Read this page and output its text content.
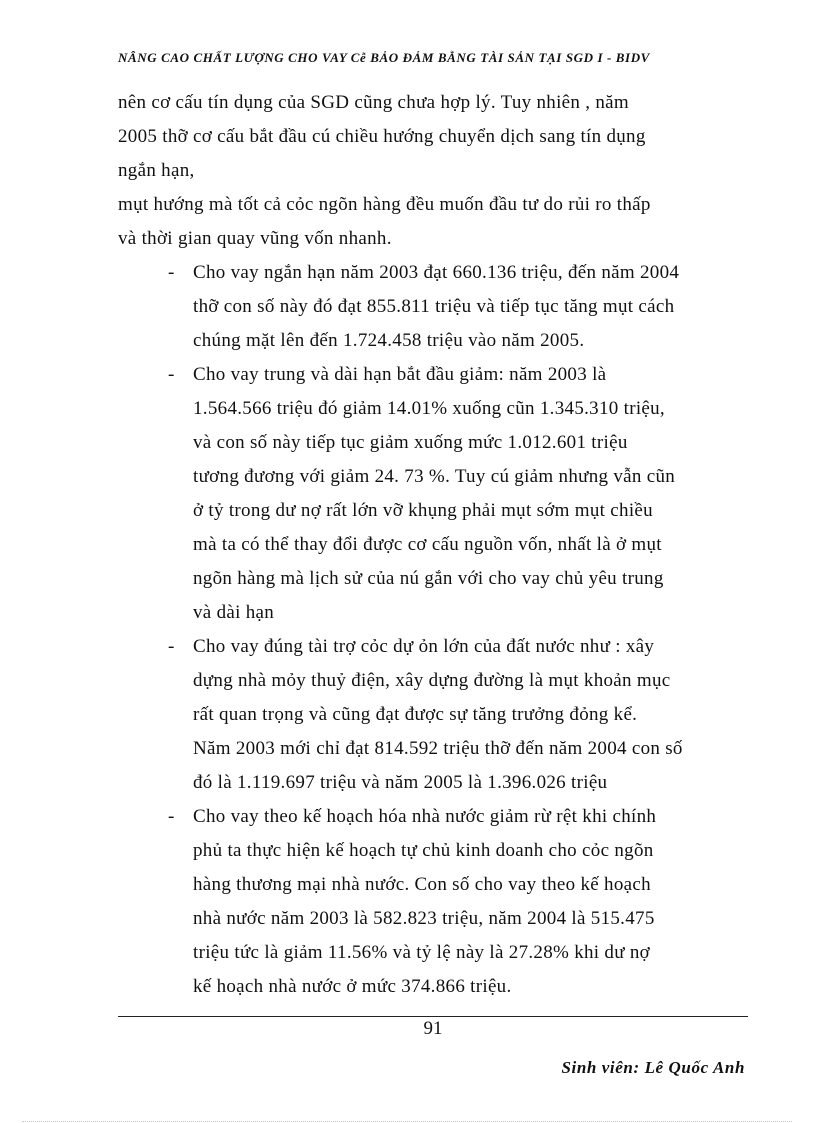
NÂNG CAO CHẤT LƯỢNG CHO VAY Cễ BẢO ĐẢM BẰNG TÀI SẢN TẠI SGD I - BIDV

nên cơ cấu tín dụng của SGD cũng chưa hợp lý. Tuy nhiên , năm

2005 thỡ cơ cấu bắt đầu cú chiều hướng chuyển dịch sang tín dụng

ngắn hạn,

mụt hướng mà tốt cả cỏc ngõn hàng đều muốn đầu tư do rủi ro thấp

và thời gian quay vũng vốn nhanh.

- Cho vay ngắn hạn năm 2003 đạt 660.136 triệu, đến năm 2004
thỡ con số này đó đạt 855.811 triệu và tiếp tục tăng mụt cách
chúng mặt lên đến 1.724.458 triệu vào năm 2005.
- Cho vay trung và dài hạn bắt đầu giảm: năm 2003 là
1.564.566 triệu đó giảm 14.01% xuống cũn 1.345.310 triệu,
và con số này tiếp tục giảm xuống mức 1.012.601 triệu
tương đương với giảm 24. 73 %. Tuy cú giảm nhưng vẫn cũn
ở tỷ trong dư nợ rất lớn vỡ khụng phải mụt sớm mụt chiều
mà ta có thể thay đổi được cơ cấu nguồn vốn, nhất là ở mụt
ngõn hàng mà lịch sử của nú gắn với cho vay chủ yêu trung
và dài hạn
- Cho vay đúng tài trợ cỏc dự ỏn lớn của đất nước như : xây
dựng nhà mỏy thuỷ điện, xây dựng đường là mụt khoản mục
rất quan trọng và cũng đạt được sự tăng trưởng đỏng kể.
Năm 2003 mới chỉ đạt 814.592 triệu thỡ đến năm 2004 con số
đó là 1.119.697 triệu và năm 2005 là 1.396.026 triệu
- Cho vay theo kế hoạch hóa nhà nước giảm rừ rệt khi chính
phủ ta thực hiện kế hoạch tự chủ kinh doanh cho cỏc ngõn
hàng thương mại nhà nước. Con số cho vay theo kế hoạch
nhà nước năm 2003 là 582.823 triệu, năm 2004 là 515.475
triệu tức là giảm 11.56% và tỷ lệ này là 27.28% khi dư nợ
kế hoạch nhà nước ở mức 374.866 triệu.
91
Sinh viên: Lê Quốc Anh
